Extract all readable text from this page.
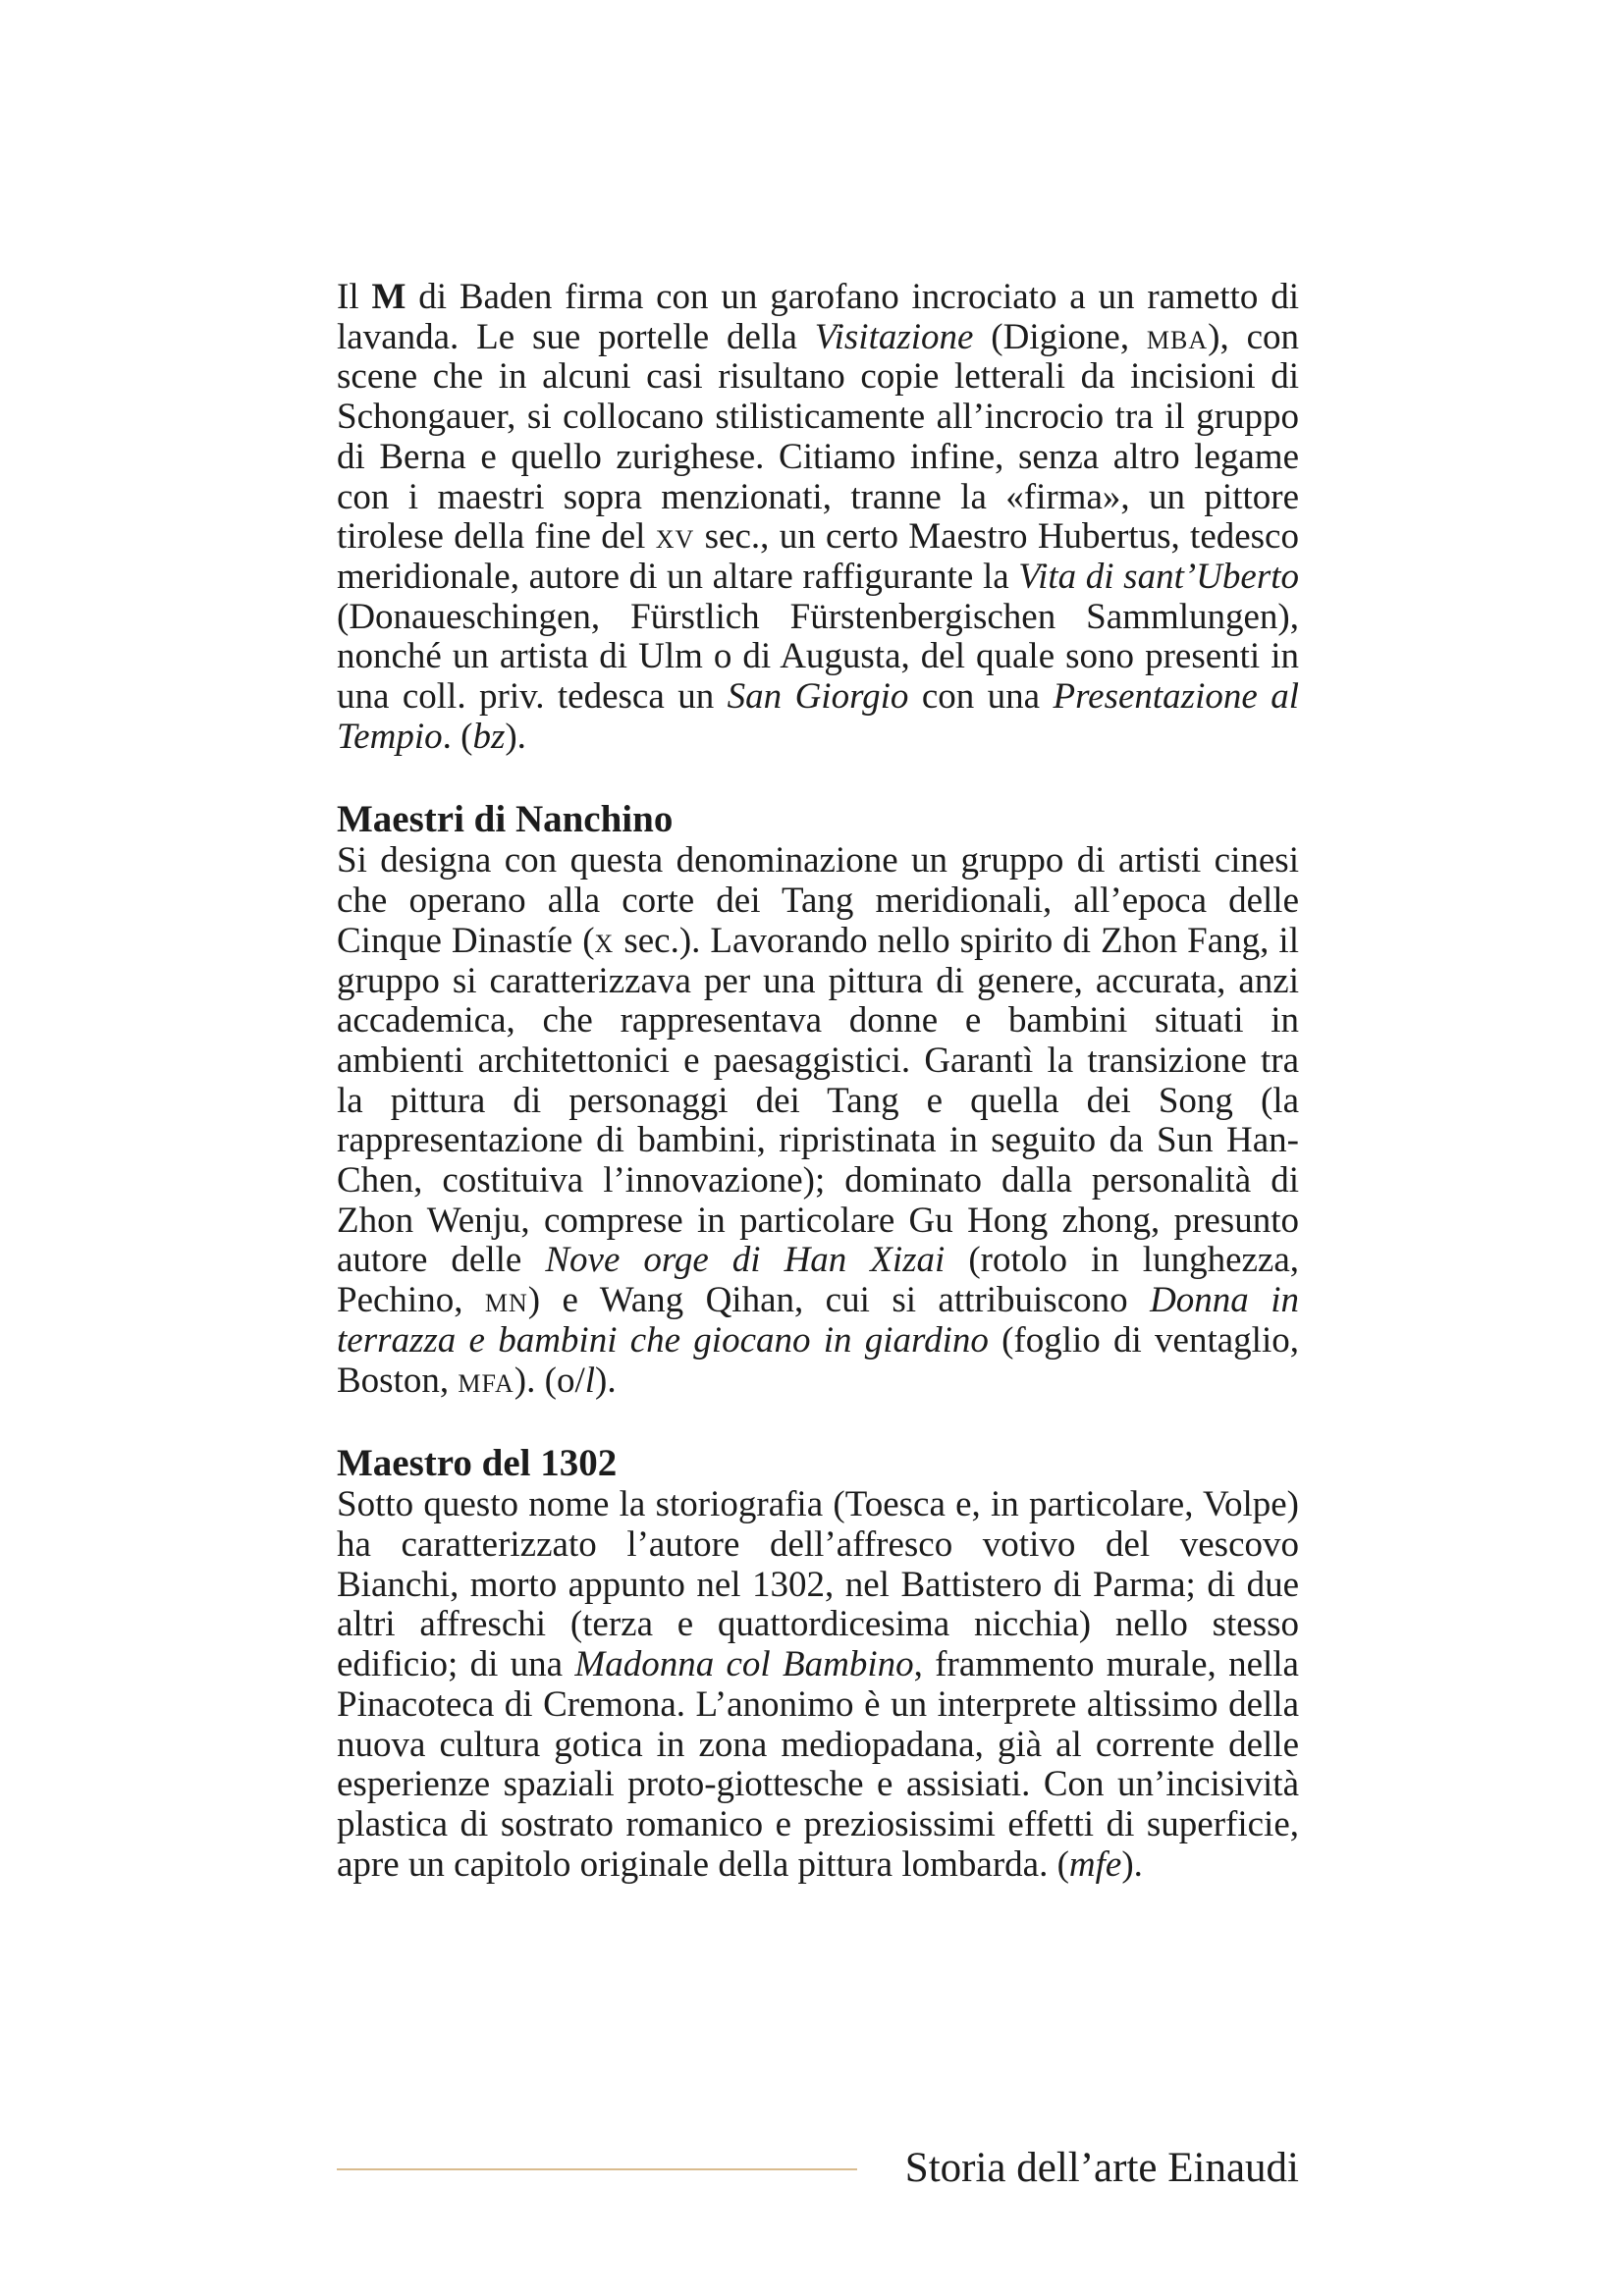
Il M di Baden firma con un garofano incrociato a un rametto di lavanda. Le sue portelle della Visitazione (Digione, mba), con scene che in alcuni casi risultano copie letterali da incisioni di Schongauer, si collocano stilisticamente all’incrocio tra il gruppo di Berna e quello zurighese. Citiamo infine, senza altro legame con i maestri sopra menzionati, tranne la «firma», un pittore tirolese della fine del xv sec., un certo Maestro Hubertus, tedesco meridionale, autore di un altare raffigurante la Vita di sant’Uberto (Donaueschingen, Fürstlich Fürstenbergischen Sammlungen), nonché un artista di Ulm o di Augusta, del quale sono presenti in una coll. priv. tedesca un San Giorgio con una Presentazione al Tempio. (bz).

Maestri di Nanchino

Si designa con questa denominazione un gruppo di artisti cinesi che operano alla corte dei Tang meridionali, all’epoca delle Cinque Dinastíe (x sec.). Lavorando nello spirito di Zhon Fang, il gruppo si caratterizzava per una pittura di genere, accurata, anzi accademica, che rappresentava donne e bambini situati in ambienti architettonici e paesaggistici. Garantì la transizione tra la pittura di personaggi dei Tang e quella dei Song (la rappresentazione di bambini, ripristinata in seguito da Sun Han-Chen, costituiva l’innovazione); dominato dalla personalità di Zhon Wenju, comprese in particolare Gu Hong zhong, presunto autore delle Nove orge di Han Xizai (rotolo in lunghezza, Pechino, mn) e Wang Qihan, cui si attribuiscono Donna in terrazza e bambini che giocano in giardino (foglio di ventaglio, Boston, mfa). (o/l).

Maestro del 1302

Sotto questo nome la storiografia (Toesca e, in particolare, Volpe) ha caratterizzato l’autore dell’affresco votivo del vescovo Bianchi, morto appunto nel 1302, nel Battistero di Parma; di due altri affreschi (terza e quattordicesima nicchia) nello stesso edificio; di una Madonna col Bambino, frammento murale, nella Pinacoteca di Cremona. L’anonimo è un interprete altissimo della nuova cultura gotica in zona mediopadana, già al corrente delle esperienze spaziali proto-giottesche e assisiati. Con un’incisività plastica di sostrato romanico e preziosissimi effetti di superficie, apre un capitolo originale della pittura lombarda. (mfe).

Storia dell’arte Einaudi
